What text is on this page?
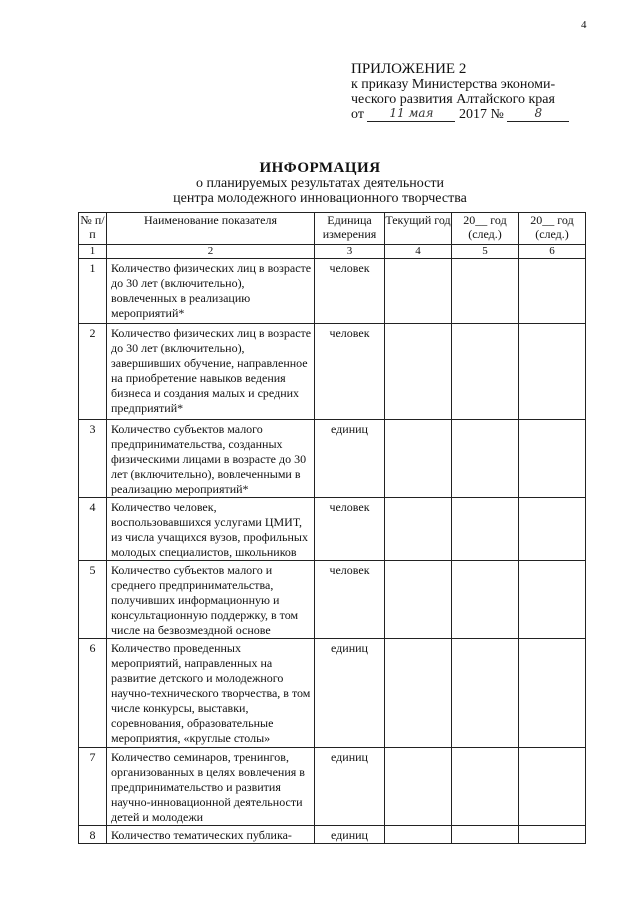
4
ПРИЛОЖЕНИЕ 2
к приказу Министерства экономи-
ческого развития Алтайского края
от 11 мая 2017 №	8
ИНФОРМАЦИЯ
о планируемых результатах деятельности
центра молодежного инновационного творчества
№ п/п	Наименование показателя	Единица измерения	Текущий год	20__ год (след.)	20__ год (след.)
1	2	3	4	5	6
1	Количество физических лиц в возрасте до 30 лет (включительно), вовлеченных в реализацию мероприятий*	человек			
2	Количество физических лиц в возрасте до 30 лет (включительно), завершивших обучение, направленное на приобретение навыков ведения бизнеса и создания малых и средних предприятий*	человек			
3	Количество субъектов малого предпринимательства, созданных физическими лицами в возрасте до 30 лет (включительно), вовлеченными в реализацию мероприятий*	единиц			
4	Количество человек, воспользовавшихся услугами ЦМИТ, из числа учащихся вузов, профильных молодых специалистов, школьников	человек			
5	Количество субъектов малого и среднего предпринимательства, получивших информационную и консультационную поддержку, в том числе на безвозмездной основе	человек			
6	Количество проведенных мероприятий, направленных на развитие детского и молодежного научно-технического творчества, в том числе конкурсы, выставки, соревнования, образовательные мероприятия, «круглые столы»	единиц			
7	Количество семинаров, тренингов, организованных в целях вовлечения в предпринимательство и развития научно-инновационной деятельности детей и молодежи	единиц			
8	Количество тематических публика-	единиц			
